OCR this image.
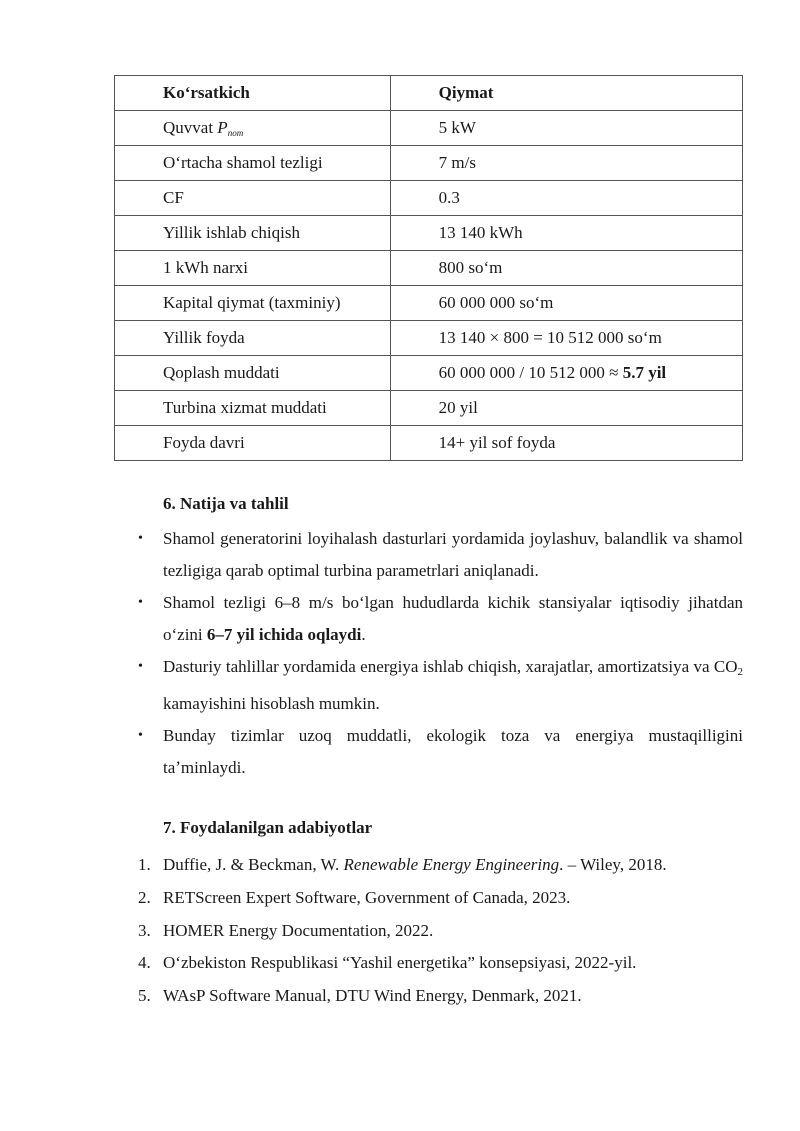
Koʻrsatkich	Qiymat
Quvvat $P_{nom}$	5 kW
Oʻrtacha shamol tezligi	7 m/s
CF	0.3
Yillik ishlab chiqish	13 140 kWh
1 kWh narxi	800 soʻm
Kapital qiymat (taxminiy)	60 000 000 soʻm
Yillik foyda	13 140 × 800 = 10 512 000 soʻm
Qoplash muddati	60 000 000 / 10 512 000 ≈ 5.7 yil
Turbina xizmat muddati	20 yil
Foyda davri	14+ yil sof foyda
6. Natija va tahlil
• Shamol generatorini loyihalash dasturlari yordamida joylashuv, balandlik va shamol tezligiga qarab optimal turbina parametrlari aniqlanadi.

• Shamol tezligi 6–8 m/s boʻlgan hududlarda kichik stansiyalar iqtisodiy jihatdan oʻzini 6–7 yil ichida oqlaydi.

• Dasturiy tahlillar yordamida energiya ishlab chiqish, xarajatlar, amortizatsiya va CO2 kamayishini hisoblash mumkin.

• Bunday tizimlar uzoq muddatli, ekologik toza va energiya mustaqilligini taʼminlaydi.

7. Foydalanilgan adabiyotlar
1. Duffie, J. & Beckman, W. Renewable Energy Engineering. – Wiley, 2018.
2. RETScreen Expert Software, Government of Canada, 2023.
3. HOMER Energy Documentation, 2022.
4. Oʻzbekiston Respublikasi “Yashil energetika” konsepsiyasi, 2022-yil.
5. WAsP Software Manual, DTU Wind Energy, Denmark, 2021.
